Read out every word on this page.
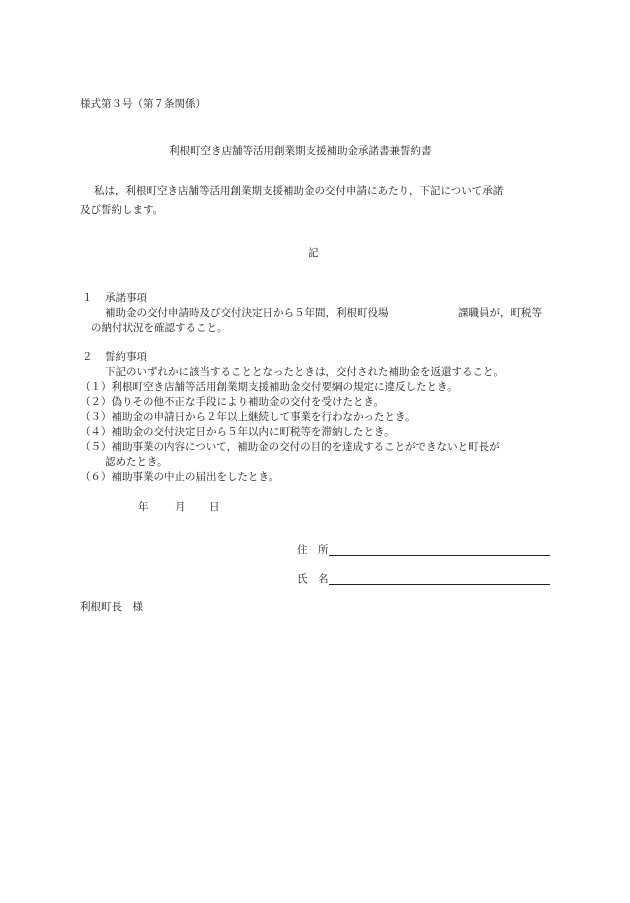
様式第３号（第７条関係）
利根町空き店舗等活用創業期支援補助金承諾書兼誓約書
私は，利根町空き店舗等活用創業期支援補助金の交付申請にあたり，下記について承諾
及び誓約します。
記
１ 承諾事項
補助金の交付申請時及び交付決定日から５年間，利根町役場	課職員が，町税等
の納付状況を確認すること。
２ 誓約事項
下記のいずれかに該当することとなったときは，交付された補助金を返還すること。
（１）利根町空き店舗等活用創業期支援補助金交付要綱の規定に違反したとき。
（２）偽りその他不正な手段により補助金の交付を受けたとき。
（３）補助金の申請日から２年以上継続して事業を行わなかったとき。
（４）補助金の交付決定日から５年以内に町税等を滞納したとき。
（５）補助事業の内容について，補助金の交付の目的を達成することができないと町長が
認めたとき。
（６）補助事業の中止の届出をしたとき。
年	月 日
住　所
氏　名
利根町長　様
